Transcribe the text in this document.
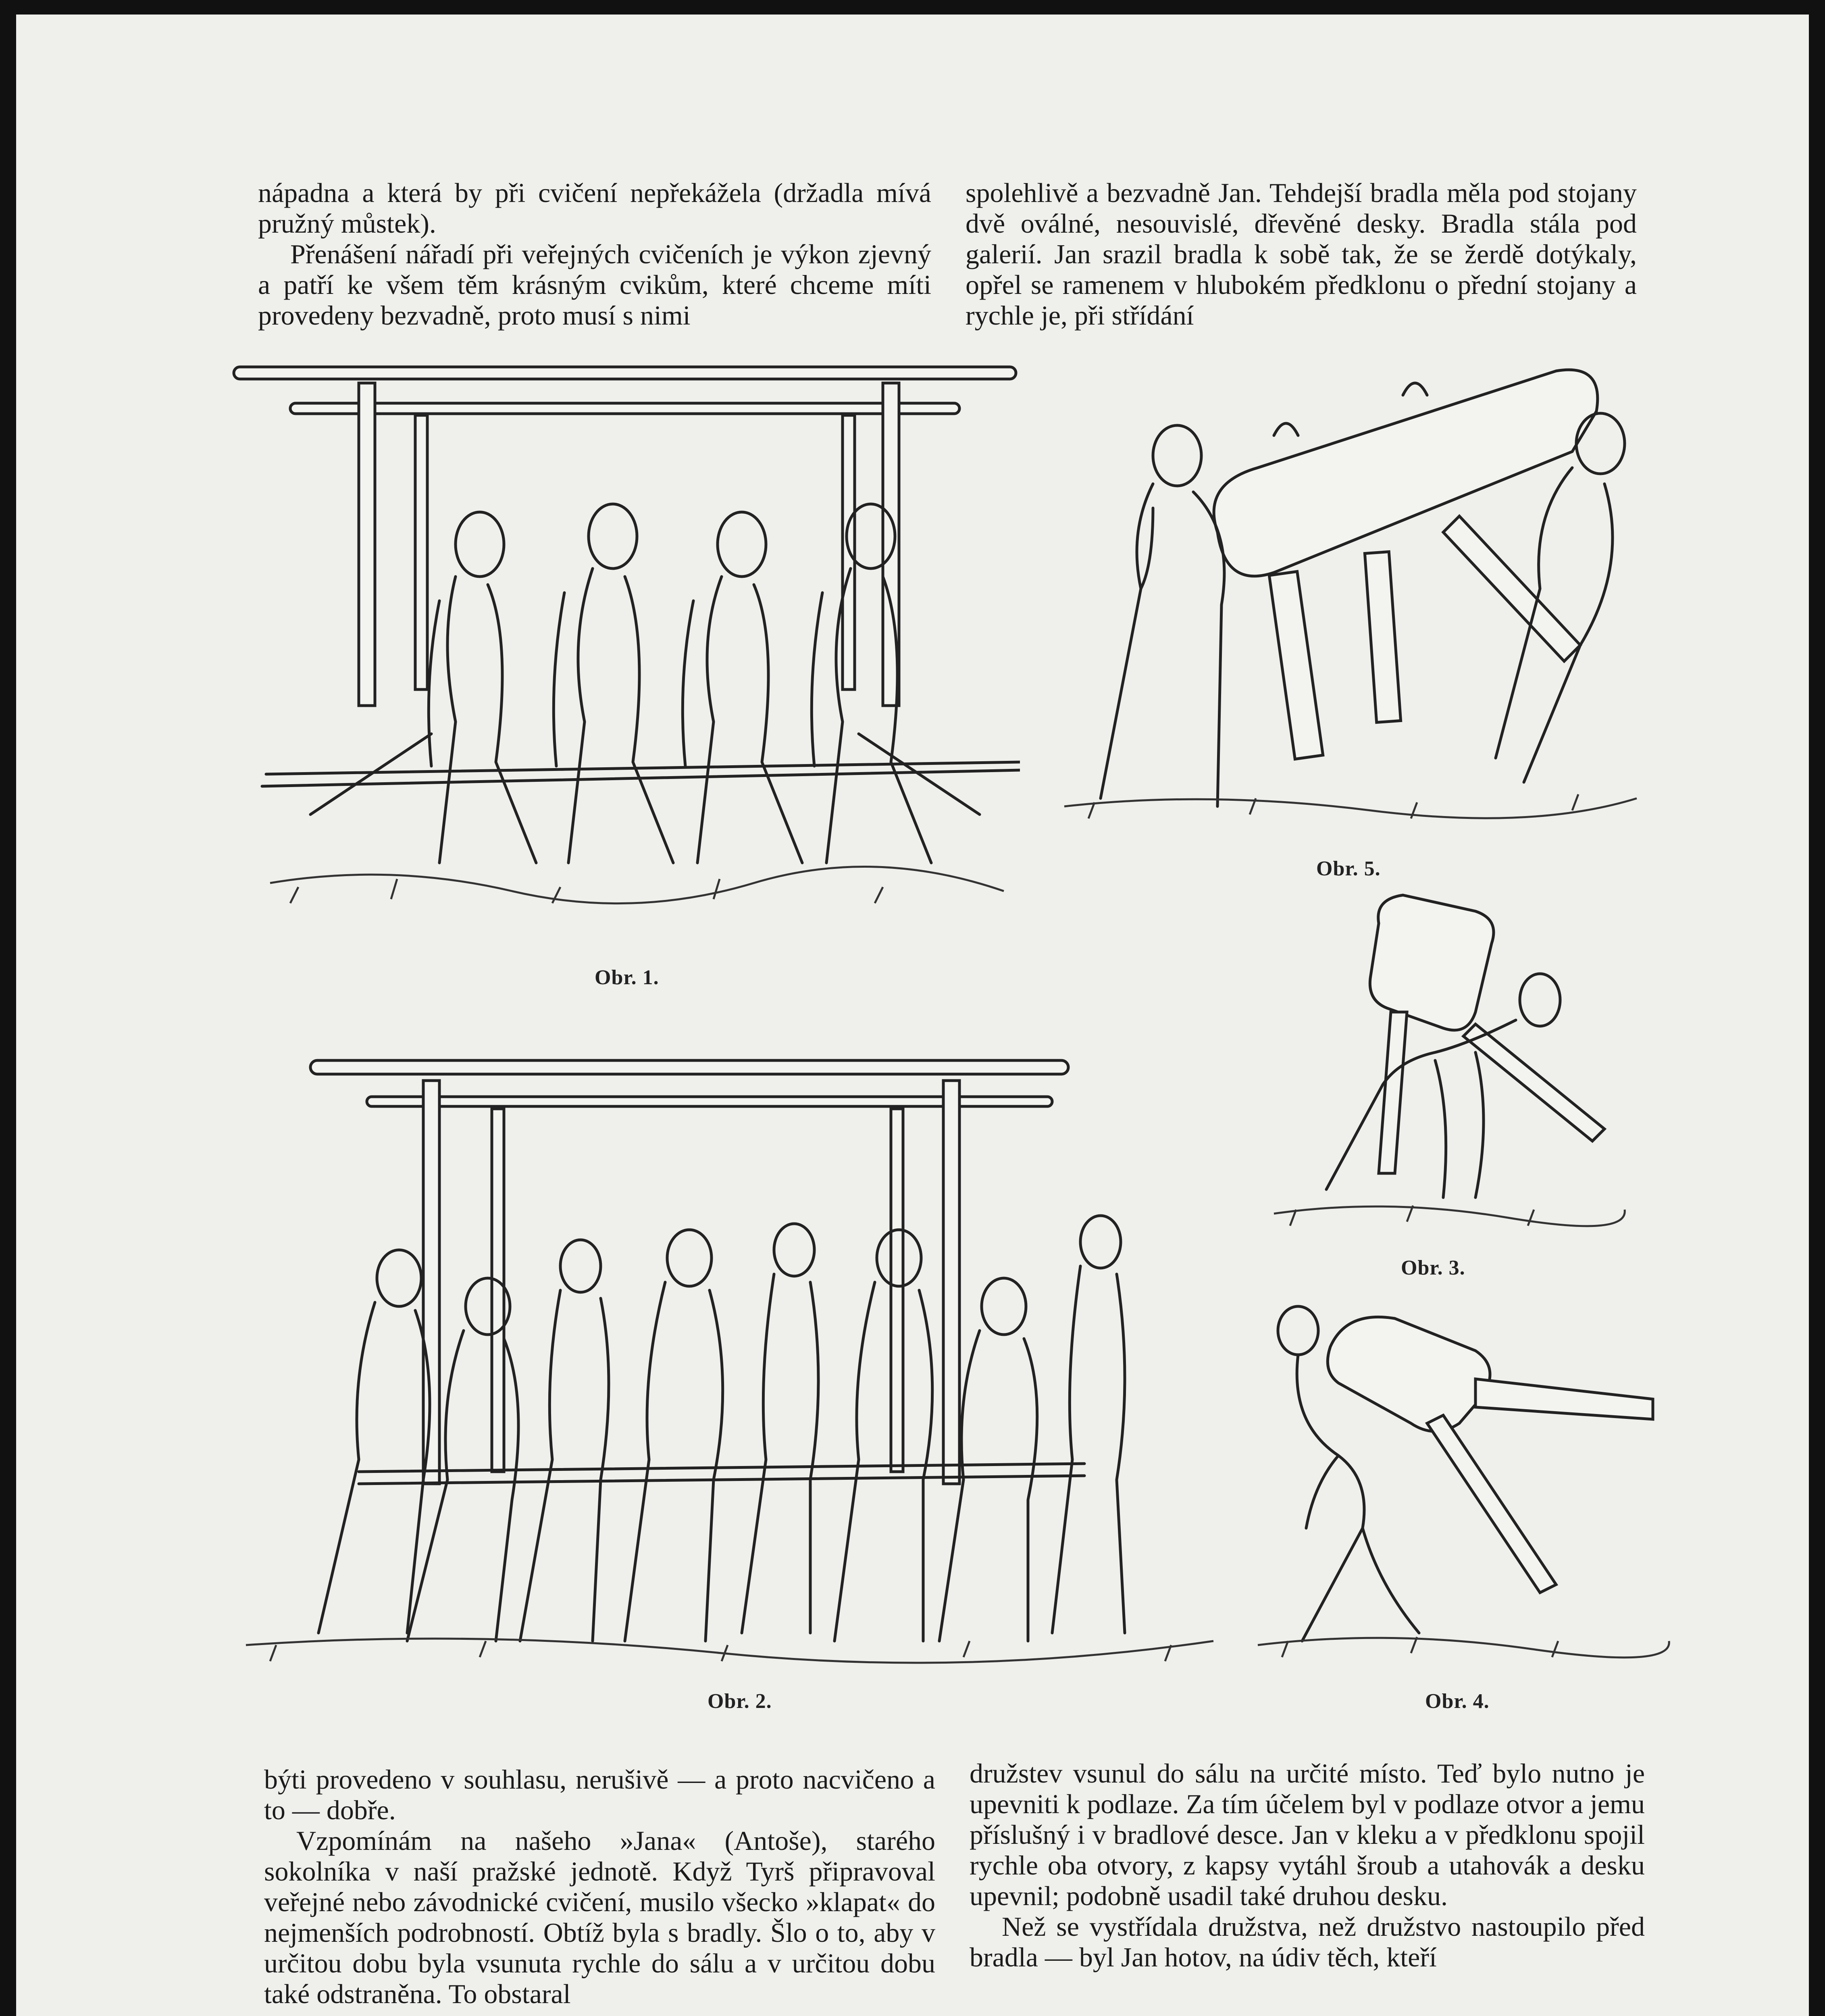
nápadna a která by při cvičení nepřekážela (držadla mívá pružný můstek).

Přenášení nářadí při veřejných cvičeních je výkon zjevný a patří ke všem těm krásným cvikům, které chceme míti provedeny bezvadně, proto musí s nimi

spolehlivě a bezvadně Jan. Tehdejší bradla měla pod stojany dvě oválné, nesouvislé, dřevěné desky. Bradla stála pod galerií. Jan srazil bradla k sobě tak, že se žerdě dotýkaly, opřel se ramenem v hlubokém předklonu o přední stojany a rychle je, při střídání

Obr. 1.
Obr. 5.
Obr. 3.
Obr. 2.	Obr. 4.

býti provedeno v souhlasu, nerušivě — a proto nacvičeno a to — dobře.

Vzpomínám na našeho »Jana« (Antoše), starého sokolníka v naší pražské jednotě. Když Tyrš připravoval veřejné nebo závodnické cvičení, musilo všecko »klapat« do nejmenších podrobností. Obtíž byla s bradly. Šlo o to, aby v určitou dobu byla vsunuta rychle do sálu a v určitou dobu také odstraněna. To obstaral

družstev vsunul do sálu na určité místo. Teď bylo nutno je upevniti k podlaze. Za tím účelem byl v podlaze otvor a jemu příslušný i v bradlové desce. Jan v kleku a v předklonu spojil rychle oba otvory, z kapsy vytáhl šroub a utahovák a desku upevnil; podobně usadil také druhou desku.

Než se vystřídala družstva, než družstvo nastoupilo před bradla — byl Jan hotov, na údiv těch, kteří
